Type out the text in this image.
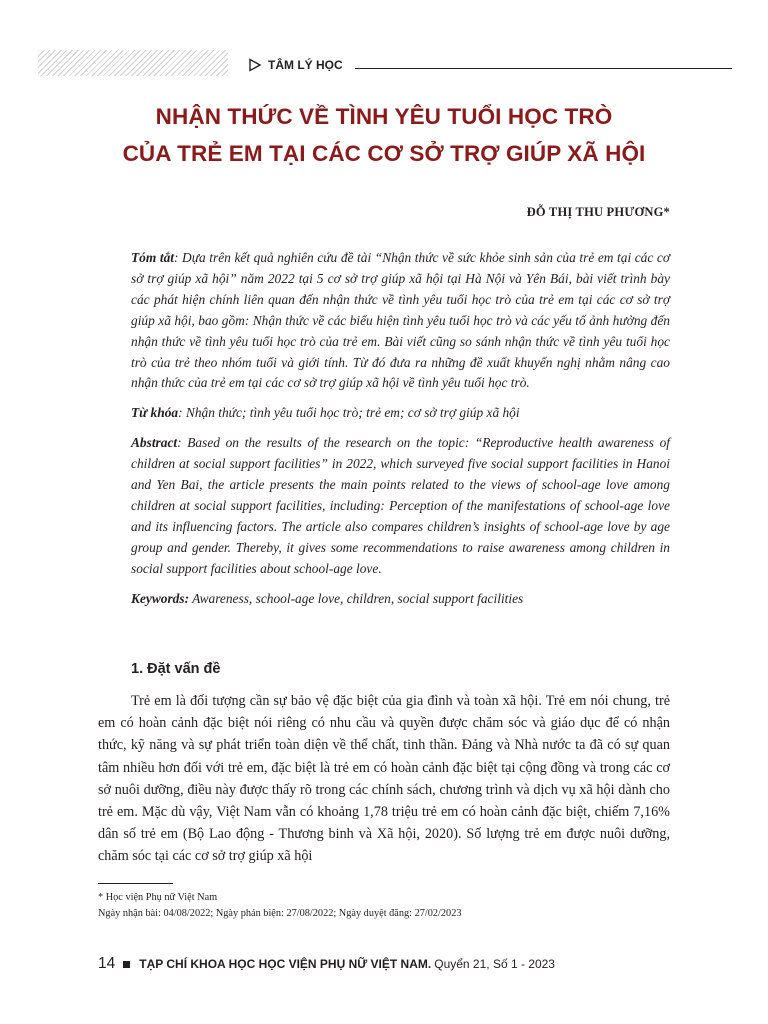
TÂM LÝ HỌC
NHẬN THỨC VỀ TÌNH YÊU TUỔI HỌC TRÒ
CỦA TRẺ EM TẠI CÁC CƠ SỞ TRỢ GIÚP XÃ HỘI
ĐỖ THỊ THU PHƯƠNG*

Tóm tắt: Dựa trên kết quả nghiên cứu đề tài “Nhận thức về sức khỏe sinh sản của trẻ em tại các cơ sở trợ giúp xã hội” năm 2022 tại 5 cơ sở trợ giúp xã hội tại Hà Nội và Yên Bái, bài viết trình bày các phát hiện chính liên quan đến nhận thức về tình yêu tuổi học trò của trẻ em tại các cơ sở trợ giúp xã hội, bao gồm: Nhận thức về các biểu hiện tình yêu tuổi học trò và các yếu tố ảnh hưởng đến nhận thức về tình yêu tuổi học trò của trẻ em. Bài viết cũng so sánh nhận thức về tình yêu tuổi học trò của trẻ theo nhóm tuổi và giới tính. Từ đó đưa ra những đề xuất khuyến nghị nhằm nâng cao nhận thức của trẻ em tại các cơ sở trợ giúp xã hội về tình yêu tuổi học trò.

Từ khóa: Nhận thức; tình yêu tuổi học trò; trẻ em; cơ sở trợ giúp xã hội

Abstract: Based on the results of the research on the topic: “Reproductive health awareness of children at social support facilities” in 2022, which surveyed five social support facilities in Hanoi and Yen Bai, the article presents the main points related to the views of school-age love among children at social support facilities, including: Perception of the manifestations of school-age love and its influencing factors. The article also compares children’s insights of school-age love by age group and gender. Thereby, it gives some recommendations to raise awareness among children in social support facilities about school-age love.

Keywords: Awareness, school-age love, children, social support facilities

1. Đặt vấn đề

Trẻ em là đối tượng cần sự bảo vệ đặc biệt của gia đình và toàn xã hội. Trẻ em nói chung, trẻ em có hoàn cảnh đặc biệt nói riêng có nhu cầu và quyền được chăm sóc và giáo dục để có nhận thức, kỹ năng và sự phát triển toàn diện về thể chất, tinh thần. Đảng và Nhà nước ta đã có sự quan tâm nhiều hơn đối với trẻ em, đặc biệt là trẻ em có hoàn cảnh đặc biệt tại cộng đồng và trong các cơ sở nuôi dưỡng, điều này được thấy rõ trong các chính sách, chương trình và dịch vụ xã hội dành cho trẻ em. Mặc dù vậy, Việt Nam vẫn có khoảng 1,78 triệu trẻ em có hoàn cảnh đặc biệt, chiếm 7,16% dân số trẻ em (Bộ Lao động - Thương binh và Xã hội, 2020). Số lượng trẻ em được nuôi dưỡng, chăm sóc tại các cơ sở trợ giúp xã hội

* Học viện Phụ nữ Việt Nam
Ngày nhận bài: 04/08/2022; Ngày phản biện: 27/08/2022; Ngày duyệt đăng: 27/02/2023
14 TẠP CHÍ KHOA HỌC HỌC VIỆN PHỤ NỮ VIỆT NAM. Quyển 21, Số 1 - 2023
